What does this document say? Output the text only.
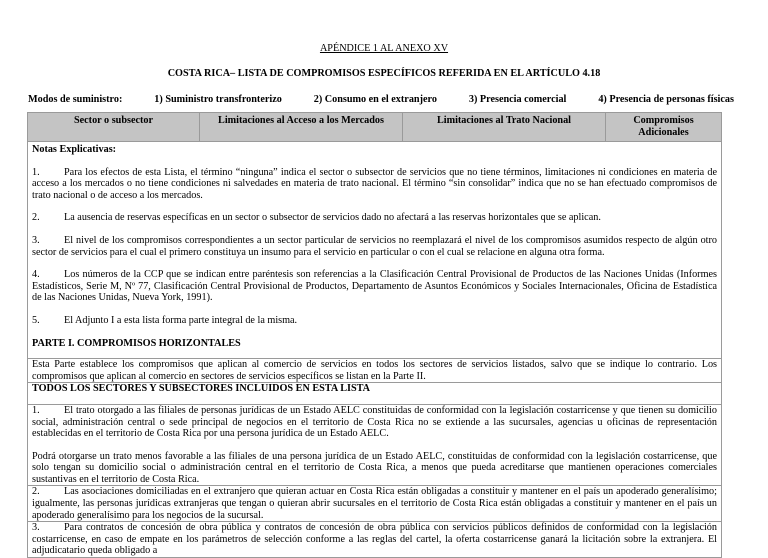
APÉNDICE 1 AL ANEXO XV
COSTA RICA– LISTA DE COMPROMISOS ESPECÍFICOS REFERIDA EN EL ARTÍCULO 4.18
Modos de suministro:	1) Suministro transfronterizo	2) Consumo en el extranjero	3) Presencia comercial	4) Presencia de personas físicas
Sector o subsector	Limitaciones al Acceso a los Mercados	Limitaciones al Trato Nacional	Compromisos Adicionales

Notas Explicativas:

1. Para los efectos de esta Lista, el término “ninguna” indica el sector o subsector de servicios que no tiene términos, limitaciones ni condiciones en materia de acceso a los mercados o no tiene condiciones ni salvedades en materia de trato nacional. El término “sin consolidar” indica que no se han efectuado compromisos de trato nacional o de acceso a los mercados.

2. La ausencia de reservas específicas en un sector o subsector de servicios dado no afectará a las reservas horizontales que se aplican.

3. El nivel de los compromisos correspondientes a un sector particular de servicios no reemplazará el nivel de los compromisos asumidos respecto de algún otro sector de servicios para el cual el primero constituya un insumo para el servicio en particular o con el cual se relacione en alguna otra forma.

4. Los números de la CCP que se indican entre paréntesis son referencias a la Clasificación Central Provisional de Productos de las Naciones Unidas (Informes Estadísticos, Serie M, Nº 77, Clasificación Central Provisional de Productos, Departamento de Asuntos Económicos y Sociales Internacionales, Oficina de Estadística de las Naciones Unidas, Nueva York, 1991).

5. El Adjunto I a esta lista forma parte integral de la misma.

PARTE I. COMPROMISOS HORIZONTALES

Esta Parte establece los compromisos que aplican al comercio de servicios en todos los sectores de servicios listados, salvo que se indique lo contrario. Los compromisos que aplican al comercio en sectores de servicios específicos se listan en la Parte II.
TODOS LOS SECTORES Y SUBSECTORES INCLUIDOS EN ESTA LISTA

1. El trato otorgado a las filiales de personas jurídicas de un Estado AELC constituidas de conformidad con la legislación costarricense y que tienen su domicilio social, administración central o sede principal de negocios en el territorio de Costa Rica no se extiende a las sucursales, agencias u oficinas de representación establecidas en el territorio de Costa Rica por una persona jurídica de un Estado AELC.

Podrá otorgarse un trato menos favorable a las filiales de una persona jurídica de un Estado AELC, constituidas de conformidad con la legislación costarricense, que solo tengan su domicilio social o administración central en el territorio de Costa Rica, a menos que pueda acreditarse que mantienen operaciones comerciales sustantivas en el territorio de Costa Rica.

2. Las asociaciones domiciliadas en el extranjero que quieran actuar en Costa Rica están obligadas a constituir y mantener en el país un apoderado generalísimo; igualmente, las personas jurídicas extranjeras que tengan o quieran abrir sucursales en el territorio de Costa Rica están obligadas a constituir y mantener en el país un apoderado generalísimo para los negocios de la sucursal.

3. Para contratos de concesión de obra pública y contratos de concesión de obra pública con servicios públicos definidos de conformidad con la legislación costarricense, en caso de empate en los parámetros de selección conforme a las reglas del cartel, la oferta costarricense ganará la licitación sobre la extranjera. El adjudicatario queda obligado a
